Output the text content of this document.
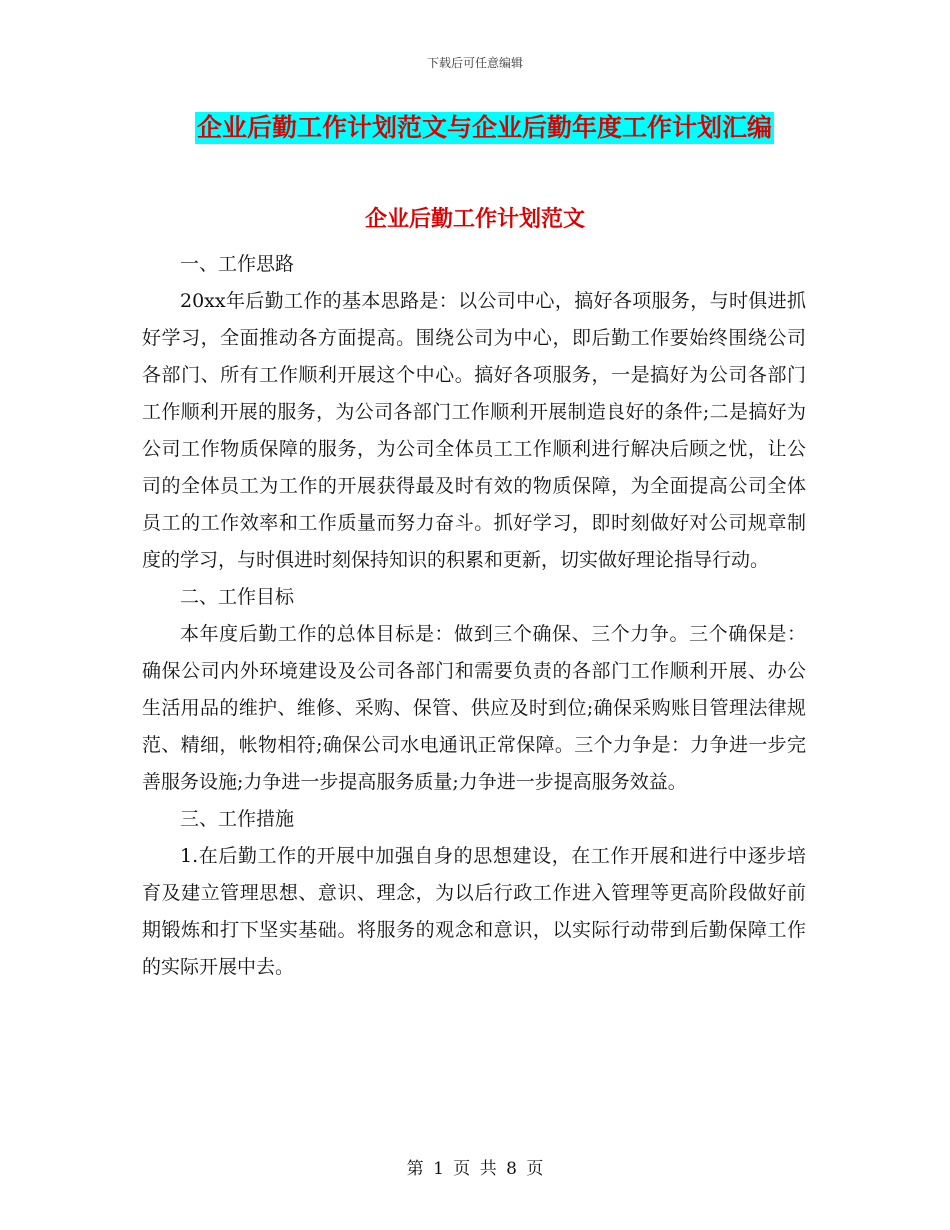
下载后可任意编辑
企业后勤工作计划范文与企业后勤年度工作计划汇编
企业后勤工作计划范文

一、工作思路

20xx年后勤工作的基本思路是：以公司中心，搞好各项服务，与时俱进抓好学习，全面推动各方面提高。围绕公司为中心，即后勤工作要始终围绕公司各部门、所有工作顺利开展这个中心。搞好各项服务，一是搞好为公司各部门工作顺利开展的服务，为公司各部门工作顺利开展制造良好的条件;二是搞好为公司工作物质保障的服务，为公司全体员工工作顺利进行解决后顾之忧，让公司的全体员工为工作的开展获得最及时有效的物质保障，为全面提高公司全体员工的工作效率和工作质量而努力奋斗。抓好学习，即时刻做好对公司规章制度的学习，与时俱进时刻保持知识的积累和更新，切实做好理论指导行动。

二、工作目标

本年度后勤工作的总体目标是：做到三个确保、三个力争。三个确保是：确保公司内外环境建设及公司各部门和需要负责的各部门工作顺利开展、办公生活用品的维护、维修、采购、保管、供应及时到位;确保采购账目管理法律规范、精细，帐物相符;确保公司水电通讯正常保障。三个力争是：力争进一步完善服务设施;力争进一步提高服务质量;力争进一步提高服务效益。

三、工作措施

1.在后勤工作的开展中加强自身的思想建设，在工作开展和进行中逐步培育及建立管理思想、意识、理念，为以后行政工作进入管理等更高阶段做好前期锻炼和打下坚实基础。将服务的观念和意识，以实际行动带到后勤保障工作的实际开展中去。

第 1 页 共 8 页
